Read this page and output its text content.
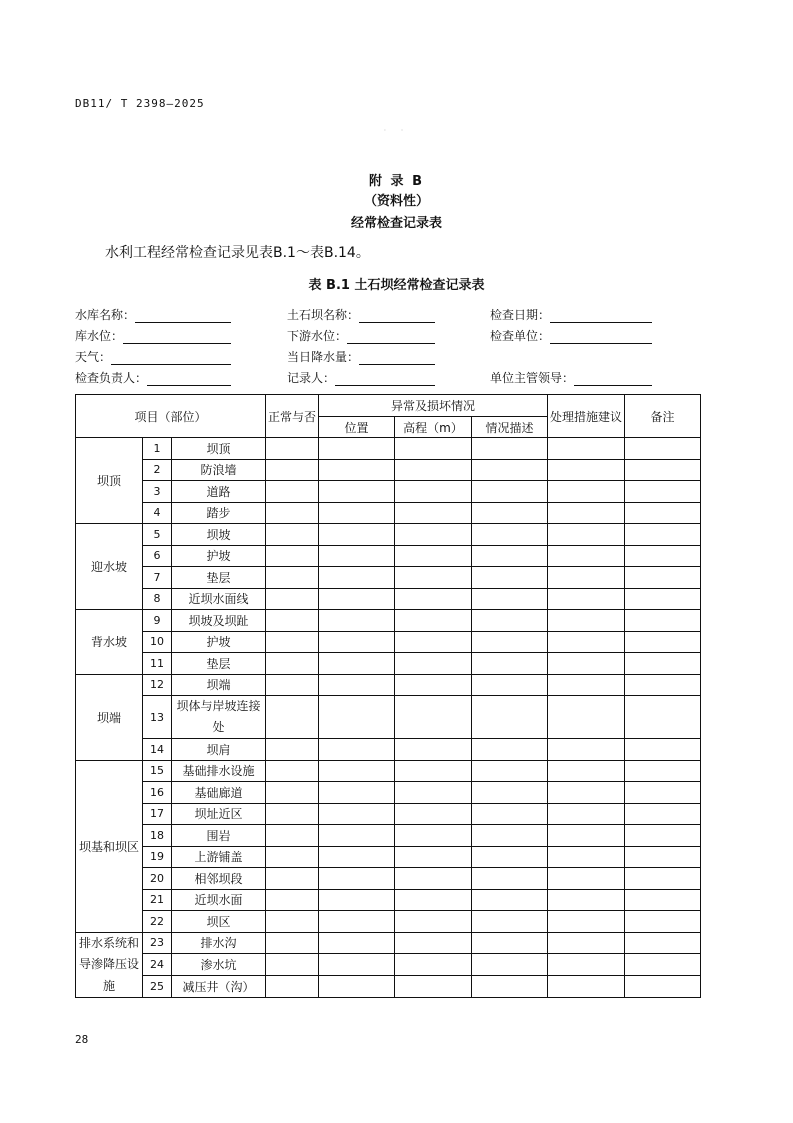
DB11/ T 2398—2025
· ·
附 录 B
（资料性）
经常检查记录表
水利工程经常检查记录见表B.1～表B.14。
表 B.1 土石坝经常检查记录表
水库名称：	土石坝名称：	检查日期：
库水位：	下游水位：	检查单位：
天气：	当日降水量：
检查负责人：	记录人：	单位主管领导：
项目（部位）			正常与否	异常及损坏情况			处理措施建议	备注
				位置	高程（m）	情况描述		
坝顶	1	坝顶						
	2	防浪墙						
	3	道路						
	4	踏步						
迎水坡	5	坝坡						
	6	护坡						
	7	垫层						
	8	近坝水面线						
背水坡	9	坝坡及坝趾						
	10	护坡						
	11	垫层						
坝端	12	坝端						
	13	坝体与岸坡连接处						
	14	坝肩						
坝基和坝区	15	基础排水设施						
	16	基础廊道						
	17	坝址近区						
	18	围岩						
	19	上游铺盖						
	20	相邻坝段						
	21	近坝水面						
	22	坝区						
排水系统和导渗降压设施	23	排水沟						
	24	渗水坑						
	25	减压井（沟）						
28
